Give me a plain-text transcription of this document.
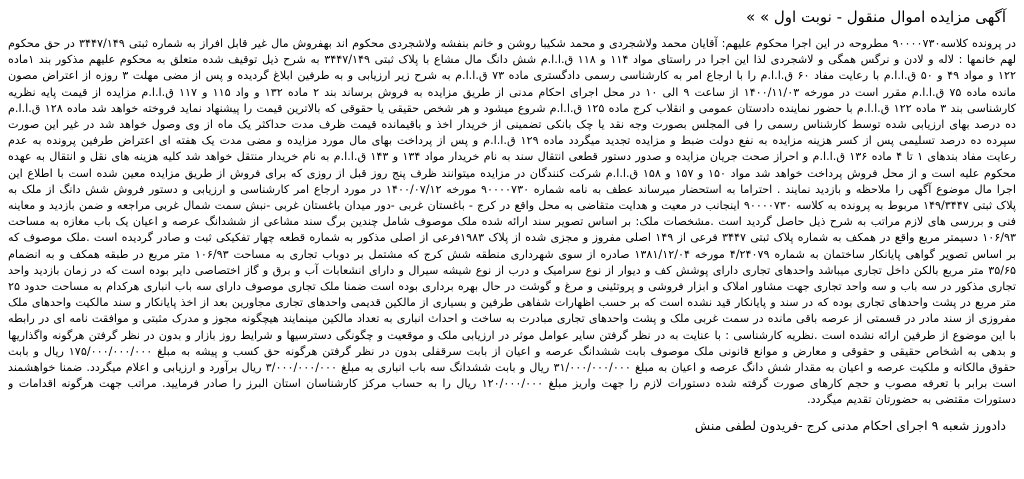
آگهی مزایده اموال منقول - نوبت اول » »

در پرونده کلاسه۹۰۰۰۰۷۳۰ مطروحه در این اجرا محکوم علیهم: آقایان محمد ولاشجردی و محمد شکیبا روشن و خانم بنفشه ولاشجردی محکوم اند بهفروش مال غیر قابل افراز به شماره ثبتی ۳۴۴۷/۱۴۹ در حق محکوم لهم خانمها : لاله و لادن و نرگس همگی و لاشجردی لذا این اجرا در راستای مواد ۱۱۴ و ۱۱۸ ق.ا.ا.م شش دانگ مال مشاع با پلاک ثبتی ۳۴۴۷/۱۴۹ به شرح ذیل توقیف شده متعلق به محکوم علیهم مذکور بند ۱ماده ۱۲۲ و مواد ۴۹ و ۵۰ ق.ا.ا.م با رعایت مفاد ۶۰ ق.ا.ا.م را با ارجاع امر به کارشناسی رسمی دادگستری ماده ۷۳ ق.ا.ا.م به شرح زیر ارزیابی و به طرفین ابلاغ گردیده و پس از مضی مهلت ۳ روزه از اعتراض مصون مانده ماده ۷۵ ق.ا.ا.م مقرر است در مورخه ۱۴۰۰/۱۱/۰۳ از ساعت ۹ الی ۱۰ در محل اجرای احکام مدنی از طریق مزایده به فروش برساند بند ۲ ماده ۱۳۲ و واد ۱۱۵ و ۱۱۷ ق.ا.ا.م مزایده از قیمت پایه نظریه کارشناسی بند ۳ ماده ۱۲۲ ق.ا.ا.م با حضور نماینده دادستان عمومی و انقلاب کرج ماده ۱۲۵ ق.ا.ا.م شروع میشود و هر شخص حقیقی یا حقوقی که بالاترین قیمت را پیشنهاد نماید فروخته خواهد شد ماده ۱۲۸ ق.ا.ا.م ده درصد بهای ارزیابی شده توسط کارشناس رسمی را فی المجلس بصورت وجه نقد یا چک بانکی تضمینی از خریدار اخذ و باقیمانده قیمت ظرف مدت حداکثر یک ماه از وی وصول خواهد شد در غیر این صورت سپرده ده درصد تسلیمی پس از کسر هزینه مزایده به نفع دولت ضبط و مزایده تجدید میگردد ماده ۱۲۹ ق.ا.ا.م و پس از پرداخت بهای مال مورد مزایده و مضی مدت یک هفته ای اعتراض طرفین پرونده به عدم رعایت مفاد بندهای ۱ تا ۴ ماده ۱۳۶ ق.ا.ا.م و احراز صحت جریان مزایده و صدور دستور قطعی انتقال سند به نام خریدار مواد ۱۳۴ و ۱۴۳ ق.ا.ا.م به نام خریدار منتقل خواهد شد کلیه هزینه های نقل و انتقال به عهده محکوم علیه است و از محل فروش پرداخت خواهد شد مواد ۱۵۰ و ۱۵۷ و ۱۵۸ ق.ا.ا.م شرکت کنندگان در مزایده میتوانند ظرف پنج روز قبل از روزی که برای فروش از طریق مزایده معین شده است با اطلاع این اجرا مال موضوع آگهی را ملاحظه و بازدید نمایند . احتراما به استحضار میرساند عطف به نامه شماره ۹۰۰۰۰۷۳۰ مورخه ۱۴۰۰/۰۷/۱۲ در مورد ارجاع امر کارشناسی و ارزیابی و دستور فروش شش دانگ از ملک به پلاک ثبتی ۱۴۹/۳۴۴۷ مربوط به پرونده به کلاسه ۹۰۰۰۰۷۳۰ اینجانب در معیت و هدایت متقاضی به محل واقع در کرج - باغستان غربی -دور میدان باغستان غربی -نبش سمت شمال غربی مراجعه و ضمن بازدید و معاینه فنی و بررسی های لازم مراتب به شرح ذیل حاصل گردید است .مشخصات ملک: بر اساس تصویر سند ارائه شده ملک موصوف شامل چندین برگ سند مشاعی از ششدانگ عرصه و اعیان یک باب مغازه به مساحت ۱۰۶/۹۳ دسیمتر مربع واقع در همکف به شماره پلاک ثبتی ۳۴۴۷ فرعی از ۱۴۹ اصلی مفروز و مجزی شده از پلاک ۱۹۸۳فرعی از اصلی مذکور به شماره قطعه چهار تفکیکی ثبت و صادر گردیده است .ملک موصوف که بر اساس تصویر گواهی پایانکار ساختمان به شماره ۴/۲۴۰۷۹ مورخه ۱۳۸۱/۱۲/۰۴ صادره از سوی شهرداری منطقه شش کرج که مشتمل بر دوباب تجاری به مساحت ۱۰۶/۹۳ متر مربع در طبقه همکف و به انضمام ۳۵/۶۵ متر مربع بالکن داخل تجاری میباشد واحدهای تجاری دارای پوشش کف و دیوار از نوع سرامیک و درب از نوع شیشه سیرال و دارای انشعابات آب و برق و گاز اختصاصی دایر بوده است که در زمان بازدید واحد تجاری مذکور در سه باب و سه واحد تجاری جهت مشاور املاک و ابزار فروشی و پروتئینی و مرغ و گوشت در حال بهره برداری بوده است ضمنا ملک تجاری موصوف دارای سه باب انباری هرکدام به مساحت حدود ۲۵ متر مربع در پشت واحدهای تجاری بوده که در سند و پایانکار قید نشده است که بر حسب اظهارات شفاهی طرفین و بسیاری از مالکین قدیمی واحدهای تجاری مجاورین بعد از اخذ پایانکار و سند مالکیت واحدهای ملک مفروزی از سند مادر در قسمتی از عرصه باقی مانده در سمت غربی ملک و پشت واحدهای تجاری مبادرت به ساخت و احداث انباری به تعداد مالکین مینمایند هیچگونه مجوز و مدرک مثبتی و موافقت نامه ای در رابطه با این موضوع از طرفین ارائه نشده است .نظریه کارشناسی : با عنایت به در نظر گرفتن سایر عوامل موثر در ارزیابی ملک و موقعیت و چگونگی دسترسیها و شرایط روز بازار و بدون در نظر گرفتن هرگونه واگذاریها و بدهی به اشخاص حقیقی و حقوقی و معارض و موانع قانونی ملک موصوف بابت ششدانگ عرصه و اعیان از بابت سرقفلی بدون در نظر گرفتن هرگونه حق کسب و پیشه به مبلغ ۱۷۵/۰۰۰/۰۰۰/۰۰۰ ریال و بابت حقوق مالکانه و ملکیت عرصه و اعیان به مقدار شش دانگ عرصه و اعیان به مبلغ ۳۱/۰۰۰/۰۰۰/۰۰۰ ریال و بابت ششدانگ سه باب انباری به مبلغ ۳/۰۰۰/۰۰۰/۰۰۰ ریال برآورد و ارزیابی و اعلام میگردد. ضمنا خواهشمند است برابر با تعرفه مصوب و حجم کارهای صورت گرفته شده دستورات لازم را جهت واریز مبلغ ۱۲۰/۰۰۰/۰۰۰ ریال را به حساب مرکز کارشناسان استان البرز را صادر فرمایید. مراتب جهت هرگونه اقدامات و دستورات مقتضی به حضورتان تقدیم میگردد.

دادورز شعبه ۹ اجرای احکام مدنی کرج -فریدون لطفی منش
